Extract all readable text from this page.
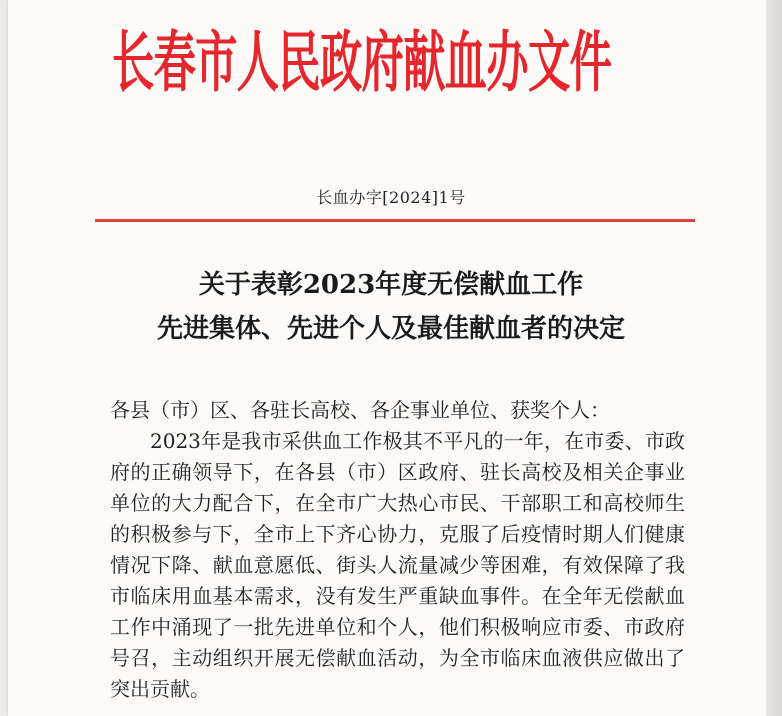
长春市人民政府献血办文件
长血办字[2024]1号
关于表彰2023年度无偿献血工作
先进集体、先进个人及最佳献血者的决定
各县（市）区、各驻长高校、各企事业单位、获奖个人：
2023年是我市采供血工作极其不平凡的一年，在市委、市政府的正确领导下，在各县（市）区政府、驻长高校及相关企事业单位的大力配合下，在全市广大热心市民、干部职工和高校师生的积极参与下，全市上下齐心协力，克服了后疫情时期人们健康情况下降、献血意愿低、街头人流量减少等困难，有效保障了我市临床用血基本需求，没有发生严重缺血事件。在全年无偿献血工作中涌现了一批先进单位和个人，他们积极响应市委、市政府号召，主动组织开展无偿献血活动，为全市临床血液供应做出了突出贡献。
